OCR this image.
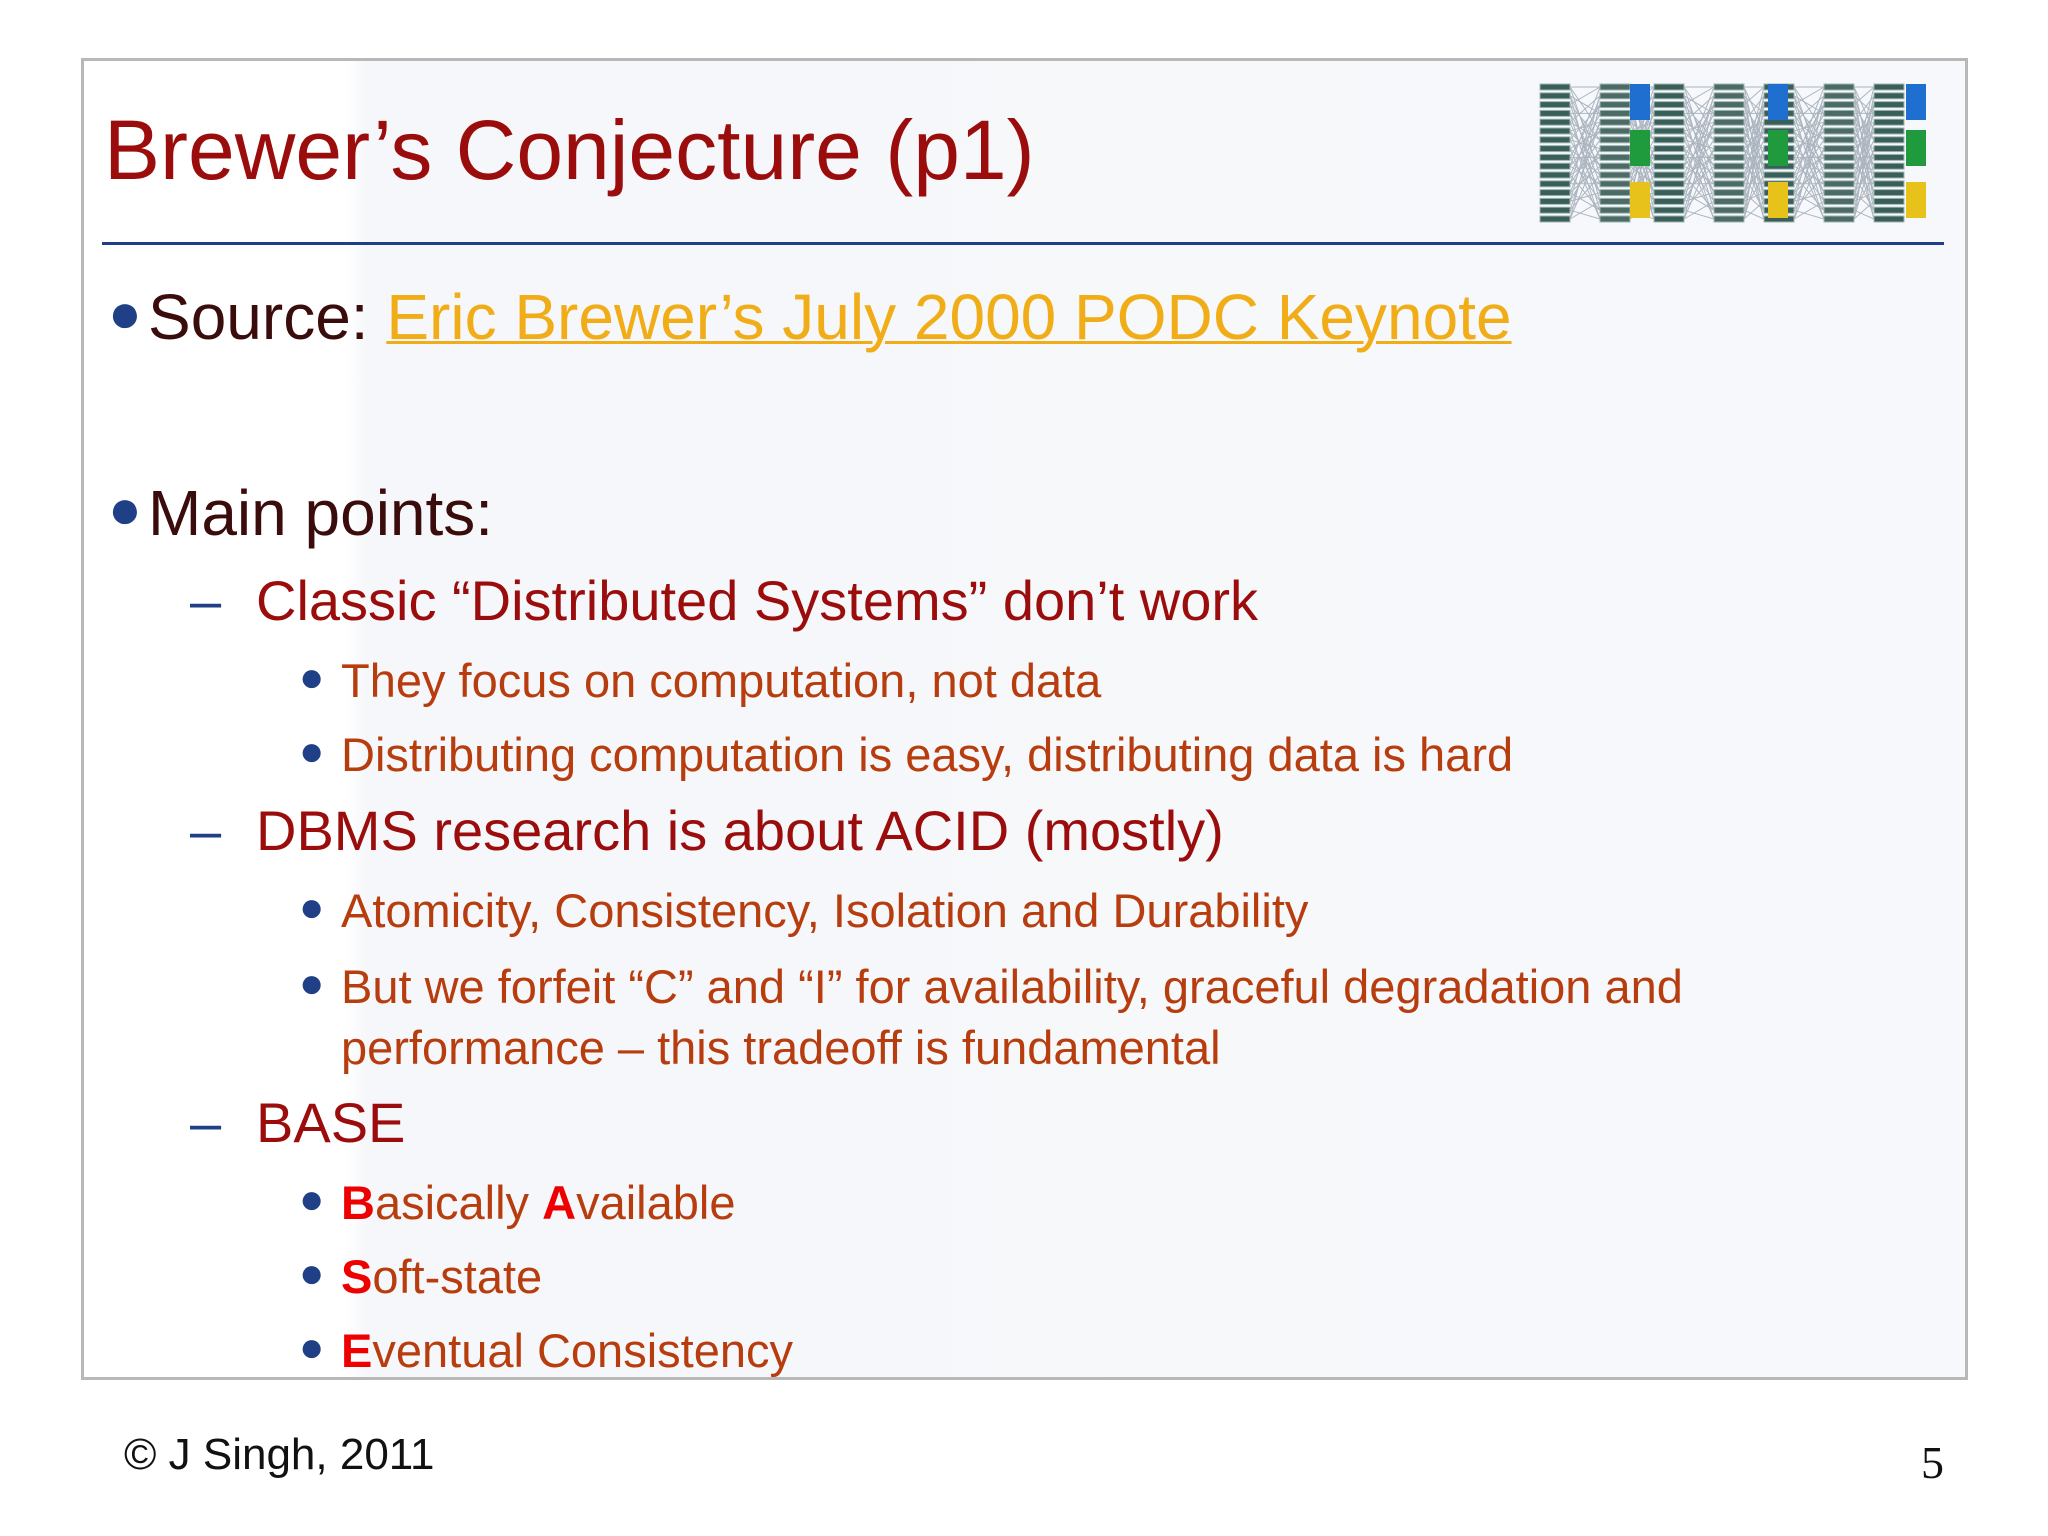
Brewer’s Conjecture (p1)

● Source: Eric Brewer’s July 2000 PODC Keynote

● Main points:

– Classic “Distributed Systems” don’t work

● They focus on computation, not data

● Distributing computation is easy, distributing data is hard

– DBMS research is about ACID (mostly)

● Atomicity, Consistency, Isolation and Durability

● But we forfeit “C” and “I” for availability, graceful degradation and performance – this tradeoff is fundamental

– BASE

● Basically Available

● Soft-state

● Eventual Consistency

© J Singh, 2011	5
